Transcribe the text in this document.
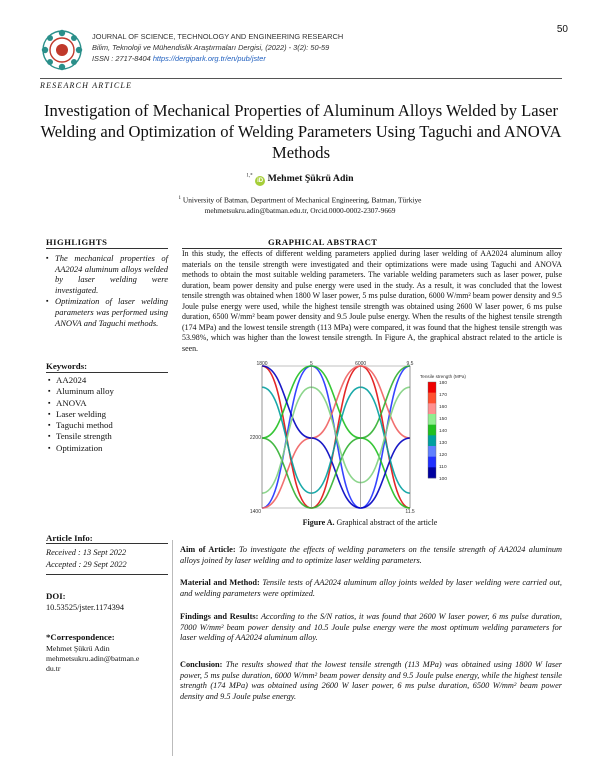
50
JOURNAL OF SCIENCE, TECHNOLOGY AND ENGINEERING RESEARCH
Bilim, Teknoloji ve Mühendislik Araştırmaları Dergisi, (2022) - 3(2): 50-59
ISSN : 2717-8404 https://dergipark.org.tr/en/pub/jster
RESEARCH ARTICLE
Investigation of Mechanical Properties of Aluminum Alloys Welded by Laser Welding and Optimization of Welding Parameters Using Taguchi and ANOVA Methods
$^{1,*}$ iD Mehmet Şükrü Adin
$^1$ University of Batman, Department of Mechanical Engineering, Batman, Türkiye
mehmetsukru.adin@batman.edu.tr, Orcid.0000-0002-2307-9669
HIGHLIGHTS
▪ The mechanical properties of AA2024 aluminum alloys welded by laser welding were investigated.
▪ Optimization of laser welding parameters was performed using ANOVA and Taguchi methods.
Keywords:
▪ AA2024
▪ Aluminum alloy
▪ ANOVA
▪ Laser welding
▪ Taguchi method
▪ Tensile strength
▪ Optimization
GRAPHICAL ABSTRACT
In this study, the effects of different welding parameters applied during laser welding of AA2024 aluminum alloy materials on the tensile strength were investigated and their optimizations were made using Taguchi and ANOVA methods to obtain the most suitable welding parameters. The variable welding parameters such as laser power, pulse duration, beam power density and pulse energy were used in the study. As a result, it was concluded that the lowest tensile strength was obtained when 1800 W laser power, 5 ms pulse duration, 6000 W/mm² beam power density and 9.5 Joule pulse energy were used, while the highest tensile strength was obtained using 2600 W laser power, 6 ms pulse duration, 6500 W/mm² beam power density and 9.5 Joule pulse energy. When the results of the highest tensile strength (174 MPa) and the lowest tensile strength (113 MPa) were compared, it was found that the highest tensile strength was 53.98%, which was higher than the lowest tensile strength. In Figure A, the graphical abstract related to the article is seen.
1800	5	6000	9.5
2200
1400	11.5
Tensile strength (MPa)
180
170
160
150
140
130
120
110
100
Figure A. Graphical abstract of the article
Article Info:
Received : 13 Sept 2022
Accepted : 29 Sept 2022
DOI:
10.53525/jster.1174394
*Correspondence:
Mehmet Şükrü Adin
mehmetsukru.adin@batman.e
du.tr
Aim of Article: To investigate the effects of welding parameters on the tensile strength of AA2024 aluminum alloys joined by laser welding and to optimize laser welding parameters.
Material and Method: Tensile tests of AA2024 aluminum alloy joints welded by laser welding were carried out, and welding parameters were optimized.
Findings and Results: According to the S/N ratios, it was found that 2600 W laser power, 6 ms pulse duration, 7000 W/mm² beam power density and 10.5 Joule pulse energy were the most optimum welding parameters for laser welding of AA2024 aluminum alloy.
Conclusion: The results showed that the lowest tensile strength (113 MPa) was obtained using 1800 W laser power, 5 ms pulse duration, 6000 W/mm² beam power density and 9.5 Joule pulse energy, while the highest tensile strength (174 MPa) was obtained using 2600 W laser power, 6 ms pulse duration, 6500 W/mm² beam power density and 9.5 Joule pulse energy.
